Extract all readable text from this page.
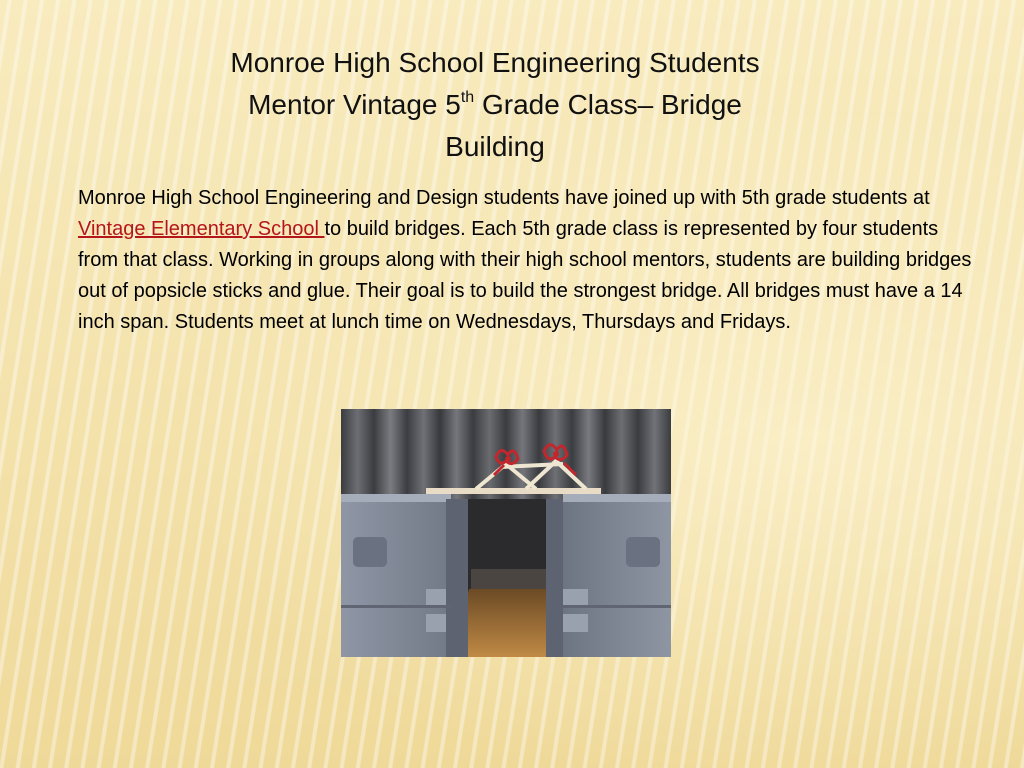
Monroe High School Engineering Students
Mentor Vintage 5th Grade Class– Bridge
Building
Monroe High School Engineering and Design students have joined up with 5th grade students at Vintage Elementary School to build bridges. Each 5th grade class is represented by four students from that class. Working in groups along with their high school mentors, students are building bridges out of popsicle sticks and glue. Their goal is to build the strongest bridge. All bridges must have a 14 inch span. Students meet at lunch time on Wednesdays, Thursdays and Fridays.
